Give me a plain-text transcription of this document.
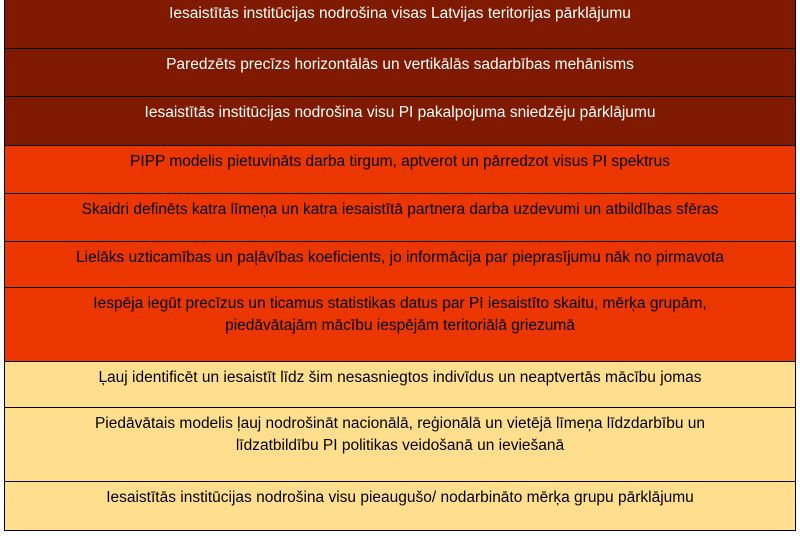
Iesaistītās institūcijas nodrošina visas Latvijas teritorijas pārklājumu
Paredzēts precīzs horizontālās un vertikālās sadarbības mehānisms
Iesaistītās institūcijas nodrošina visu PI pakalpojuma sniedzēju pārklājumu
PIPP modelis pietuvināts darba tirgum, aptverot un pārredzot visus PI spektrus
Skaidri definēts katra līmeņa un katra iesaistītā partnera darba uzdevumi un atbildības sfēras
Lielāks uzticamības un paļāvības koeficients, jo informācija par pieprasījumu nāk no pirmavota
Iespēja iegūt precīzus un ticamus statistikas datus par PI iesaistīto skaitu, mērķa grupām, piedāvātajām mācību iespējām teritoriālā griezumā
Ļauj identificēt un iesaistīt līdz šim nesasniegtos indivīdus un neaptvertās mācību jomas
Piedāvātais modelis ļauj nodrošināt nacionālā, reģionālā un vietējā līmeņa līdzdarbību un līdzatbildību PI politikas veidošanā un ieviešanā
Iesaistītās institūcijas nodrošina visu pieaugušo/ nodarbināto mērķa grupu pārklājumu
